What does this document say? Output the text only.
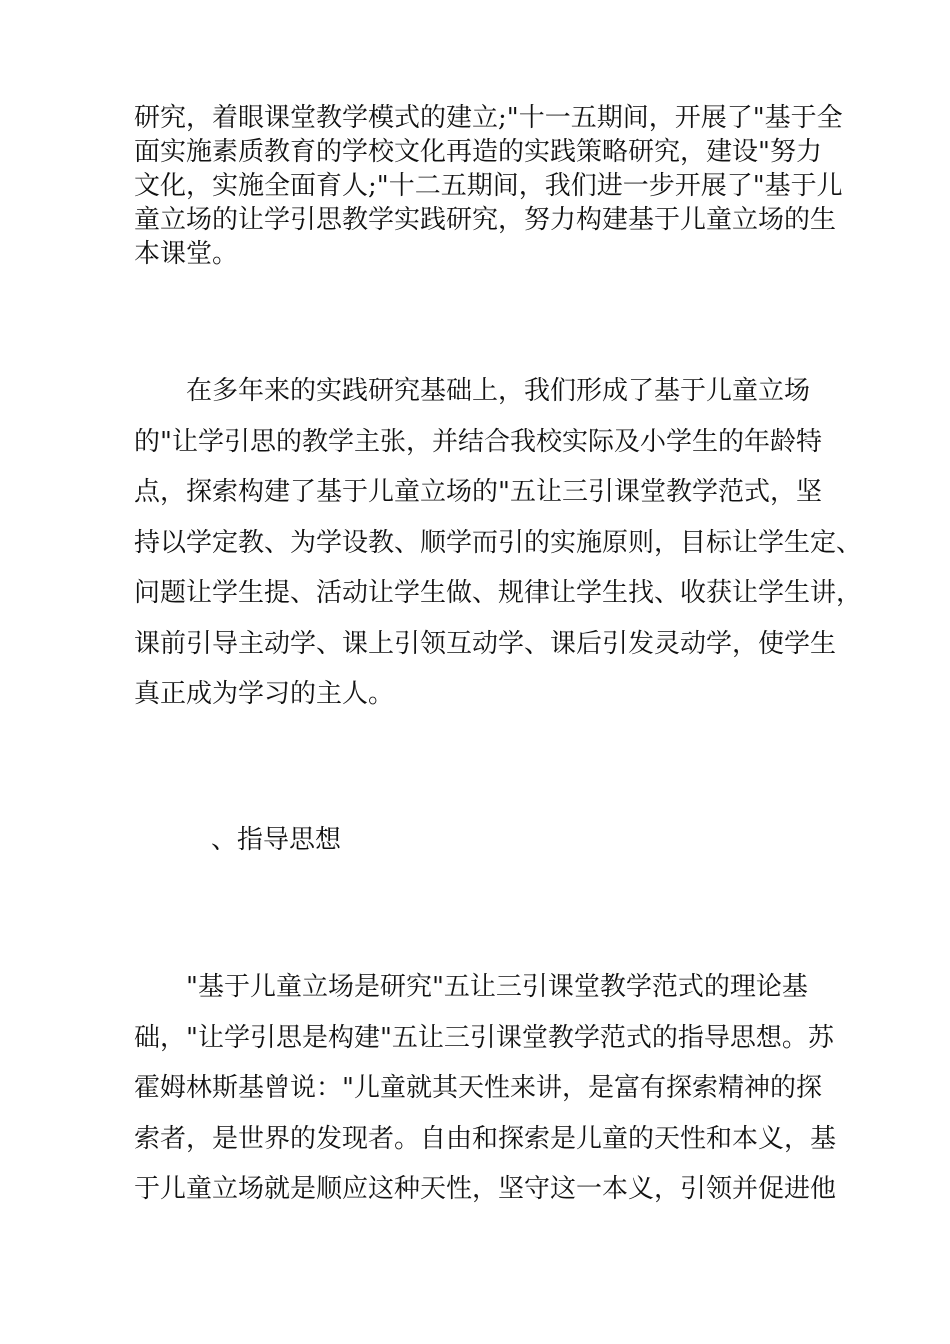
研究，着眼课堂教学模式的建立;"十一五期间，开展了"基于全
面实施素质教育的学校文化再造的实践策略研究，建设"努力
文化，实施全面育人;"十二五期间，我们进一步开展了"基于儿
童立场的让学引思教学实践研究，努力构建基于儿童立场的生
本课堂。
　　在多年来的实践研究基础上，我们形成了基于儿童立场
的"让学引思的教学主张，并结合我校实际及小学生的年龄特
点，探索构建了基于儿童立场的"五让三引课堂教学范式，坚
持以学定教、为学设教、顺学而引的实施原则，目标让学生定、
问题让学生提、活动让学生做、规律让学生找、收获让学生讲，
课前引导主动学、课上引领互动学、课后引发灵动学，使学生
真正成为学习的主人。
、指导思想
　　"基于儿童立场是研究"五让三引课堂教学范式的理论基
础，"让学引思是构建"五让三引课堂教学范式的指导思想。苏
霍姆林斯基曾说："儿童就其天性来讲，是富有探索精神的探
索者，是世界的发现者。自由和探索是儿童的天性和本义，基
于儿童立场就是顺应这种天性，坚守这一本义，引领并促进他
